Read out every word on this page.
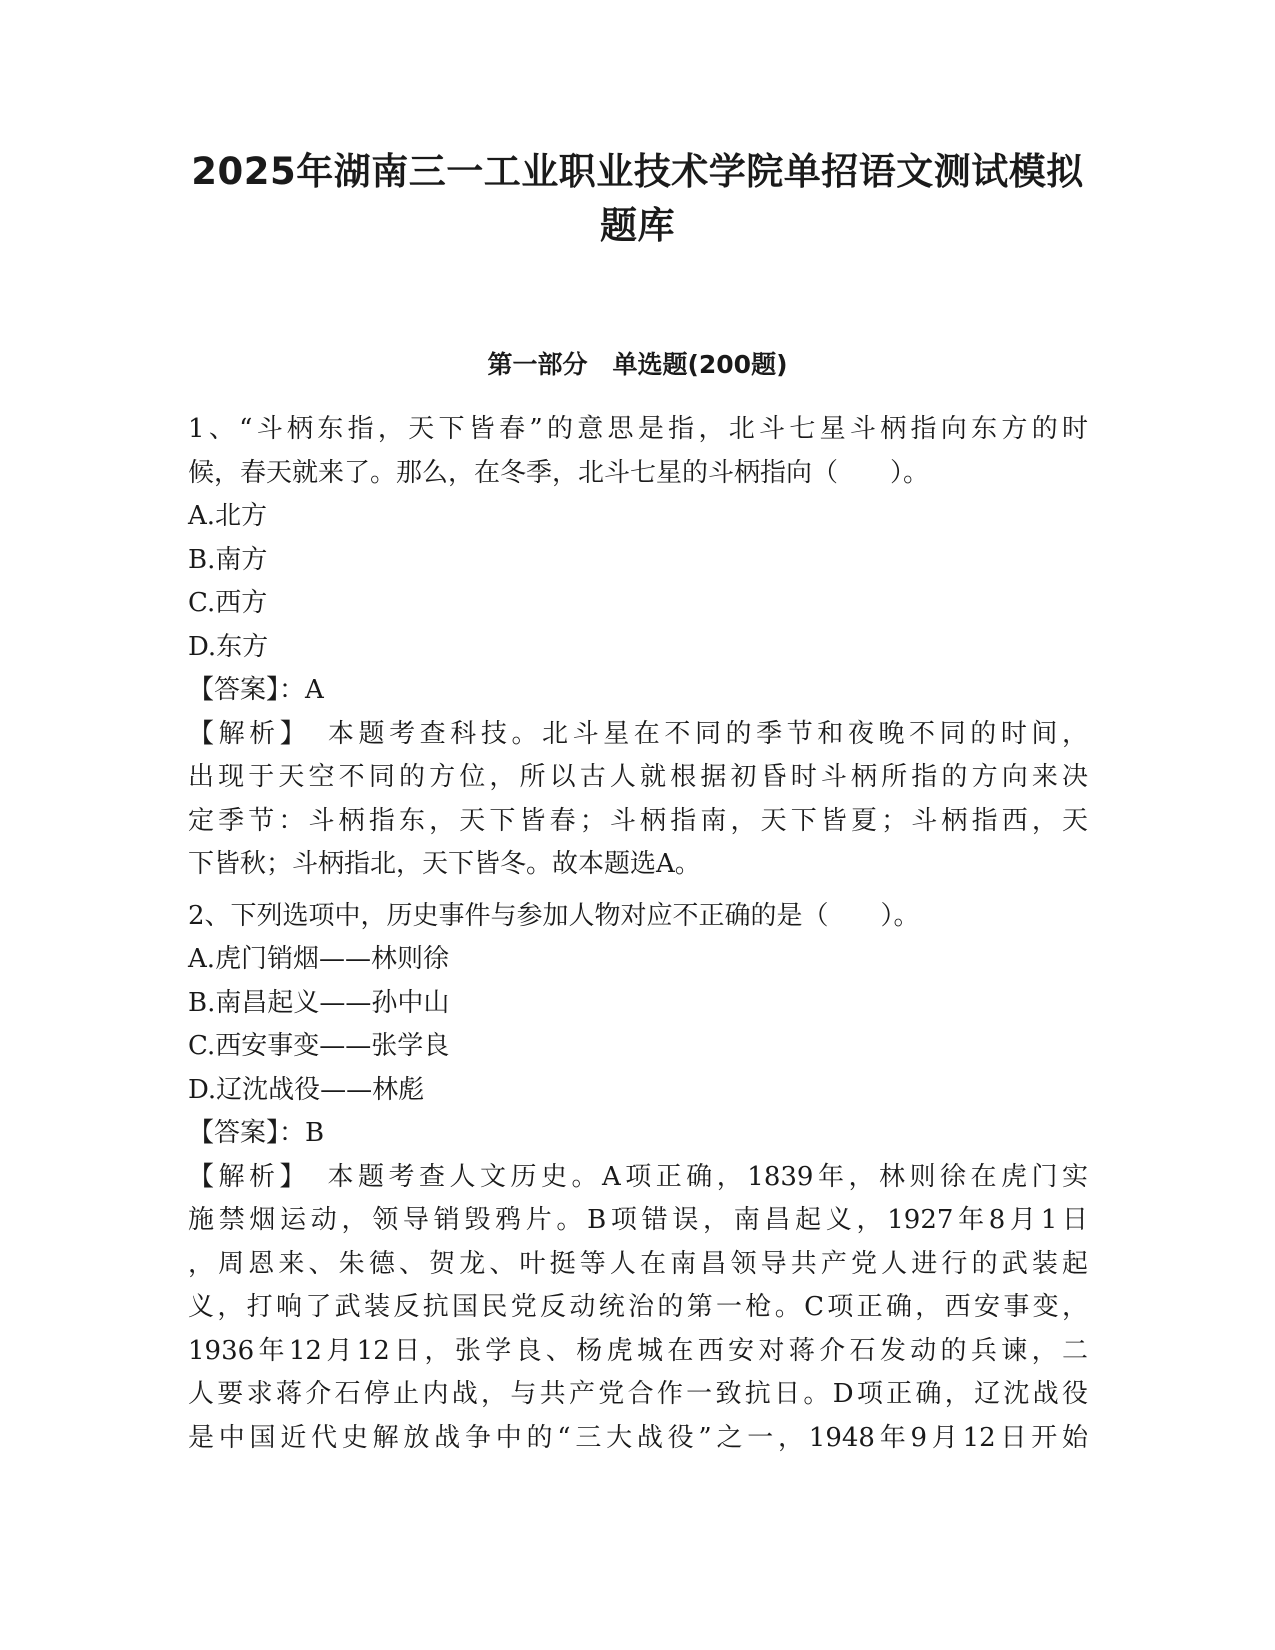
2025年湖南三一工业职业技术学院单招语文测试模拟
题库
第一部分　单选题(200题)
1、“斗柄东指，天下皆春”的意思是指，北斗七星斗柄指向东方的时
候，春天就来了。那么，在冬季，北斗七星的斗柄指向（　　）。
A.北方
B.南方
C.西方
D.东方
【答案】：A
【解析】　本题考查科技。北斗星在不同的季节和夜晚不同的时间，
出现于天空不同的方位，所以古人就根据初昏时斗柄所指的方向来决
定季节：斗柄指东，天下皆春；斗柄指南，天下皆夏；斗柄指西，天
下皆秋；斗柄指北，天下皆冬。故本题选A。
2、下列选项中，历史事件与参加人物对应不正确的是（　　）。
A.虎门销烟——林则徐
B.南昌起义——孙中山
C.西安事变——张学良
D.辽沈战役——林彪
【答案】：B
【解析】　本题考查人文历史。A项正确，1839年，林则徐在虎门实
施禁烟运动，领导销毁鸦片。B项错误，南昌起义，1927年8月1日
，周恩来、朱德、贺龙、叶挺等人在南昌领导共产党人进行的武装起
义，打响了武装反抗国民党反动统治的第一枪。C项正确，西安事变，
1936年12月12日，张学良、杨虎城在西安对蒋介石发动的兵谏，二
人要求蒋介石停止内战，与共产党合作一致抗日。D项正确，辽沈战役
是中国近代史解放战争中的“三大战役”之一，1948年9月12日开始
